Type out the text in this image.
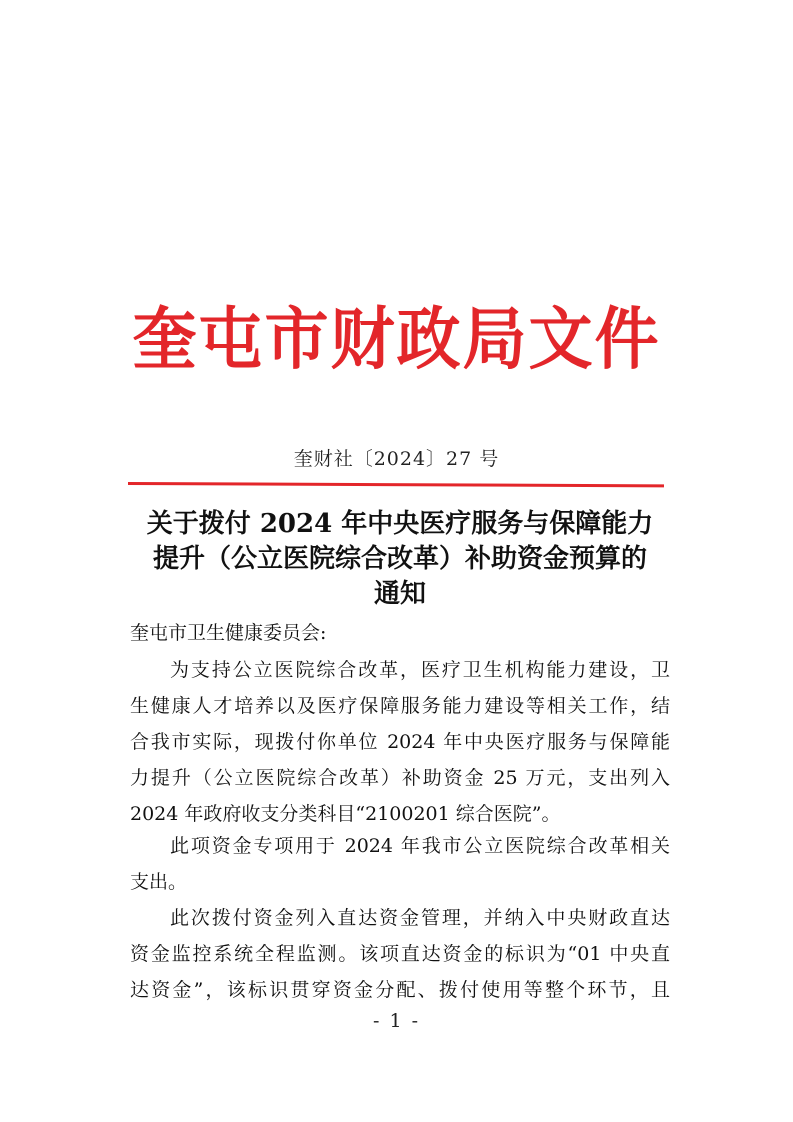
奎屯市财政局文件
奎财社〔2024〕27 号
关于拨付 2024 年中央医疗服务与保障能力
提升（公立医院综合改革）补助资金预算的
通知
奎屯市卫生健康委员会:
为支持公立医院综合改革，医疗卫生机构能力建设，卫
生健康人才培养以及医疗保障服务能力建设等相关工作，结
合我市实际，现拨付你单位 2024 年中央医疗服务与保障能
力提升（公立医院综合改革）补助资金 25 万元，支出列入
2024 年政府收支分类科目“2100201 综合医院”。
此项资金专项用于 2024 年我市公立医院综合改革相关
支出。
此次拨付资金列入直达资金管理，并纳入中央财政直达
资金监控系统全程监测。该项直达资金的标识为“01 中央直
达资金”，该标识贯穿资金分配、拨付使用等整个环节，且
- 1 -
